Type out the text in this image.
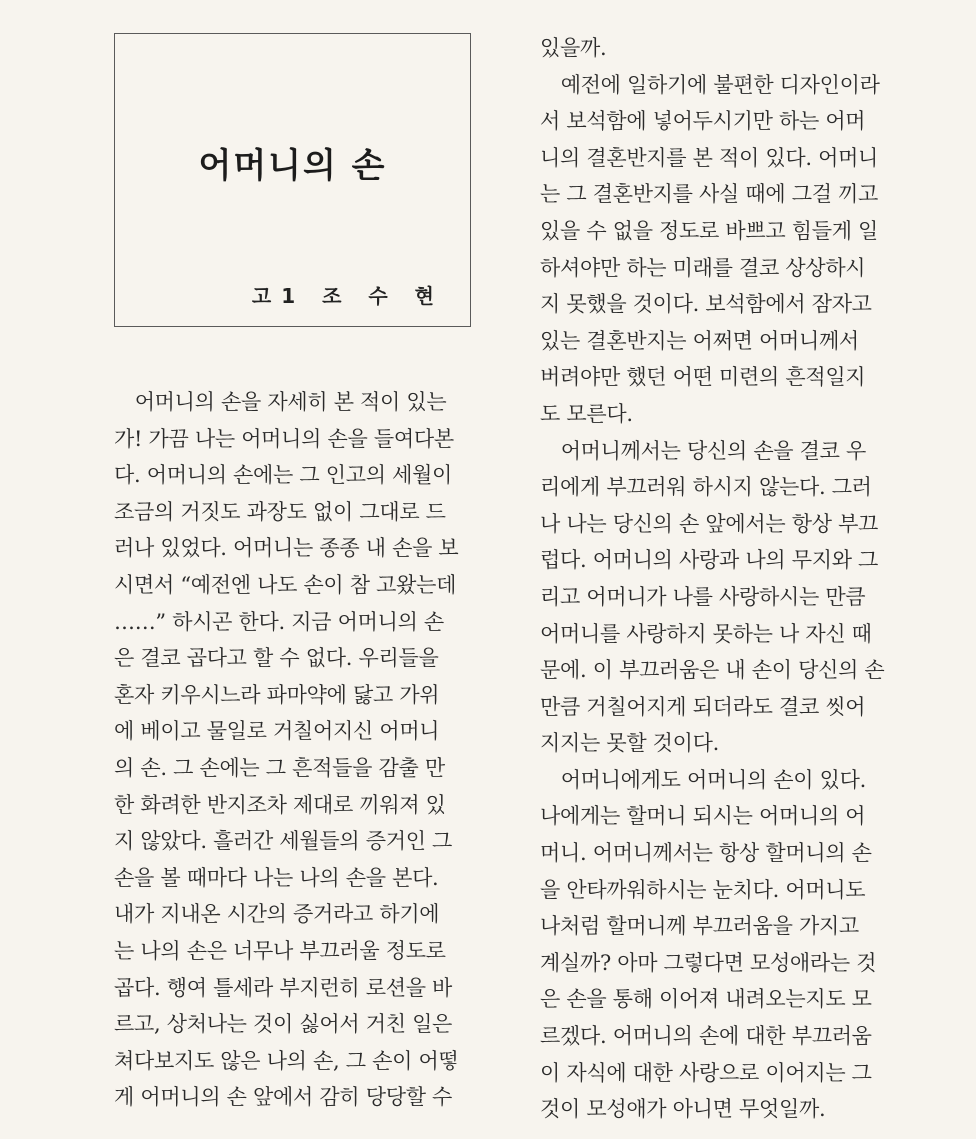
어머니의 손
고1 조 수 현
　어머니의 손을 자세히 본 적이 있는
가! 가끔 나는 어머니의 손을 들여다본
다. 어머니의 손에는 그 인고의 세월이
조금의 거짓도 과장도 없이 그대로 드
러나 있었다. 어머니는 종종 내 손을 보
시면서 “예전엔 나도 손이 참 고왔는데
……” 하시곤 한다. 지금 어머니의 손
은 결코 곱다고 할 수 없다. 우리들을
혼자 키우시느라 파마약에 닳고 가위
에 베이고 물일로 거칠어지신 어머니
의 손. 그 손에는 그 흔적들을 감출 만
한 화려한 반지조차 제대로 끼워져 있
지 않았다. 흘러간 세월들의 증거인 그
손을 볼 때마다 나는 나의 손을 본다.
내가 지내온 시간의 증거라고 하기에
는 나의 손은 너무나 부끄러울 정도로
곱다. 행여 틀세라 부지런히 로션을 바
르고, 상처나는 것이 싫어서 거친 일은
쳐다보지도 않은 나의 손, 그 손이 어떻
게 어머니의 손 앞에서 감히 당당할 수
있을까.
　예전에 일하기에 불편한 디자인이라
서 보석함에 넣어두시기만 하는 어머
니의 결혼반지를 본 적이 있다. 어머니
는 그 결혼반지를 사실 때에 그걸 끼고
있을 수 없을 정도로 바쁘고 힘들게 일
하셔야만 하는 미래를 결코 상상하시
지 못했을 것이다. 보석함에서 잠자고
있는 결혼반지는 어쩌면 어머니께서
버려야만 했던 어떤 미련의 흔적일지
도 모른다.
　어머니께서는 당신의 손을 결코 우
리에게 부끄러워 하시지 않는다. 그러
나 나는 당신의 손 앞에서는 항상 부끄
럽다. 어머니의 사랑과 나의 무지와 그
리고 어머니가 나를 사랑하시는 만큼
어머니를 사랑하지 못하는 나 자신 때
문에. 이 부끄러움은 내 손이 당신의 손
만큼 거칠어지게 되더라도 결코 씻어
지지는 못할 것이다.
　어머니에게도 어머니의 손이 있다.
나에게는 할머니 되시는 어머니의 어
머니. 어머니께서는 항상 할머니의 손
을 안타까워하시는 눈치다. 어머니도
나처럼 할머니께 부끄러움을 가지고
계실까? 아마 그렇다면 모성애라는 것
은 손을 통해 이어져 내려오는지도 모
르겠다. 어머니의 손에 대한 부끄러움
이 자식에 대한 사랑으로 이어지는 그
것이 모성애가 아니면 무엇일까.
